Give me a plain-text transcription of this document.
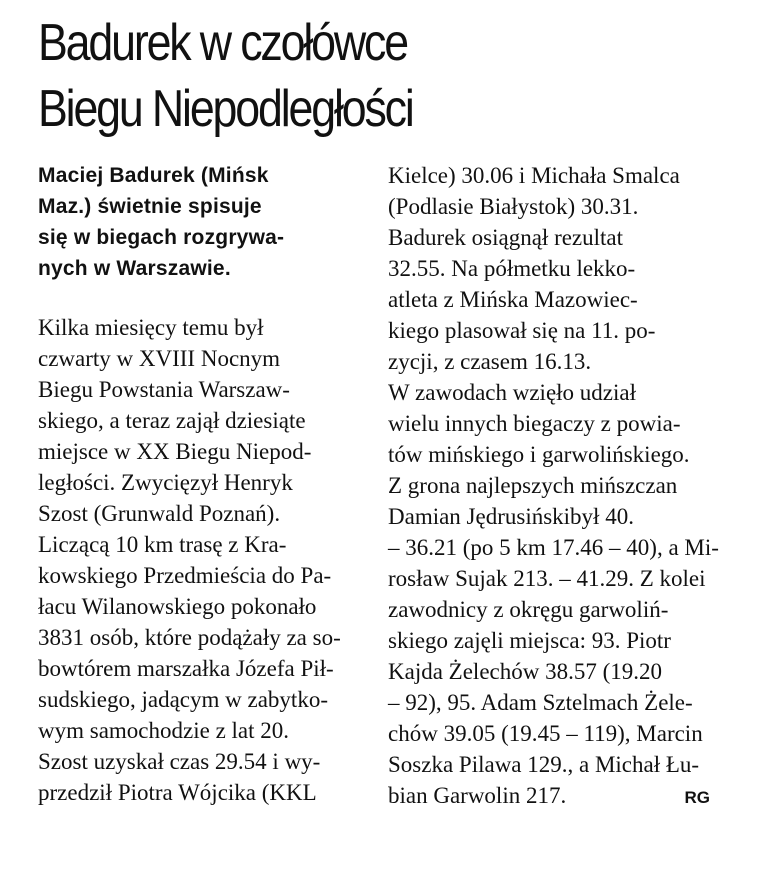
Badurek w czołówce
Biegu Niepodległości
Maciej Badurek (Mińsk
Maz.) świetnie spisuje
się w biegach rozgrywa-
nych w Warszawie.
Kilka miesięcy temu był
czwarty w XVIII Nocnym
Biegu Powstania Warszaw-
skiego, a teraz zajął dziesiąte
miejsce w XX Biegu Niepod-
ległości. Zwycięzył Henryk
Szost (Grunwald Poznań).
Liczącą 10 km trasę z Kra-
kowskiego Przedmieścia do Pa-
łacu Wilanowskiego pokonało
3831 osób, które podążały za so-
bowtórem marszałka Józefa Pił-
sudskiego, jadącym w zabytko-
wym samochodzie z lat 20.
Szost uzyskał czas 29.54 i wy-
przedził Piotra Wójcika (KKL
Kielce) 30.06 i Michała Smalca
(Podlasie Białystok) 30.31.
Badurek osiągnął rezultat
32.55. Na półmetku lekko-
atleta z Mińska Mazowiec-
kiego plasował się na 11. po-
zycji, z czasem 16.13.
W zawodach wzięło udział
wielu innych biegaczy z powia-
tów mińskiego i garwolińskiego.
Z grona najlepszych mińszczan
Damian Jędrusińskibył 40.
– 36.21 (po 5 km 17.46 – 40), a Mi-
rosław Sujak 213. – 41.29. Z kolei
zawodnicy z okręgu garwoliń-
skiego zajęli miejsca: 93. Piotr
Kajda Żelechów 38.57 (19.20
– 92), 95. Adam Sztelmach Żele-
chów 39.05 (19.45 – 119), Marcin
Soszka Pilawa 129., a Michał Łu-
bian Garwolin 217.	RG
